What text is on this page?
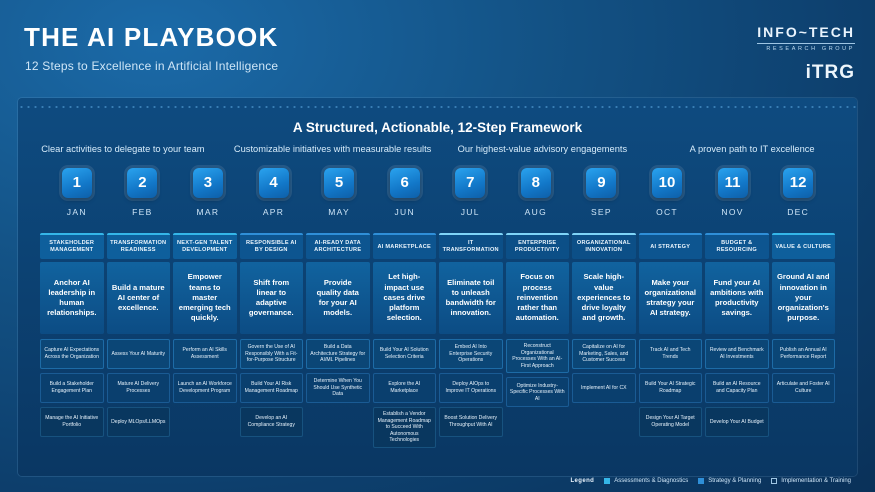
THE AI PLAYBOOK
12 Steps to Excellence in Artificial Intelligence
INFO~TECH
RESEARCH GROUP
iTRG
A Structured, Actionable, 12-Step Framework
Clear activities to delegate to your team	Customizable initiatives with measurable results	Our highest-value advisory engagements	A proven path to IT excellence
1
JAN
2
FEB
3
MAR
4
APR
5
MAY
6
JUN
7
JUL
8
AUG
9
SEP
10
OCT
11
NOV
12
DEC
STAKEHOLDER MANAGEMENT
Anchor AI leadership in human relationships.
Capture AI Expectations Across the Organization
Build a Stakeholder Engagement Plan
Manage the AI Initiative Portfolio
TRANSFORMATION READINESS
Build a mature AI center of excellence.
Assess Your AI Maturity
Mature AI Delivery Processes
Deploy MLOps/LLMOps
NEXT-GEN TALENT DEVELOPMENT
Empower teams to master emerging tech quickly.
Perform an AI Skills Assessment
Launch an AI Workforce Development Program
RESPONSIBLE AI BY DESIGN
Shift from linear to adaptive governance.
Govern the Use of AI Responsibly With a Fit-for-Purpose Structure
Build Your AI Risk Management Roadmap
Develop an AI Compliance Strategy
AI-READY DATA ARCHITECTURE
Provide quality data for your AI models.
Build a Data Architecture Strategy for AI/ML Pipelines
Determine When You Should Use Synthetic Data
AI MARKETPLACE
Let high-impact use cases drive platform selection.
Build Your AI Solution Selection Criteria
Explore the AI Marketplace
Establish a Vendor Management Roadmap to Succeed With Autonomous Technologies
IT TRANSFORMATION
Eliminate toil to unleash bandwidth for innovation.
Embed AI Into Enterprise Security Operations
Deploy AIOps to Improve IT Operations
Boost Solution Delivery Throughput With AI
ENTERPRISE PRODUCTIVITY
Focus on process reinvention rather than automation.
Reconstruct Organizational Processes With an AI-First Approach
Optimize Industry-Specific Processes With AI
ORGANIZATIONAL INNOVATION
Scale high-value experiences to drive loyalty and growth.
Capitalize on AI for Marketing, Sales, and Customer Success
Implement AI for CX
AI STRATEGY
Make your organizational strategy your AI strategy.
Track AI and Tech Trends
Build Your AI Strategic Roadmap
Design Your AI Target Operating Model
BUDGET & RESOURCING
Fund your AI ambitions with productivity savings.
Review and Benchmark AI Investments
Build an AI Resource and Capacity Plan
Develop Your AI Budget
VALUE & CULTURE
Ground AI and innovation in your organization's purpose.
Publish an Annual AI Performance Report
Articulate and Foster AI Culture
Legend	Assessments & Diagnostics	Strategy & Planning	Implementation & Training
